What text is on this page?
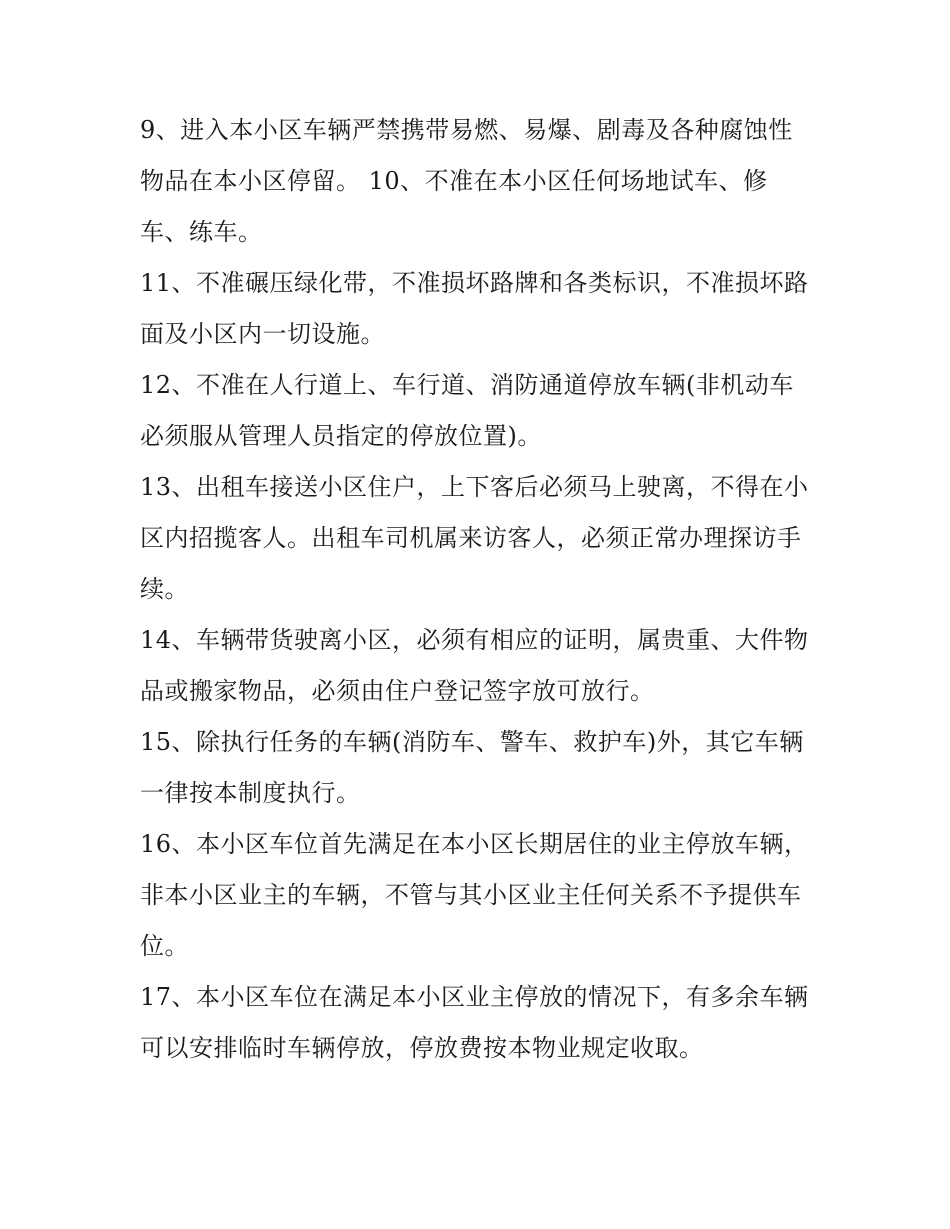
9、进入本小区车辆严禁携带易燃、易爆、剧毒及各种腐蚀性
物品在本小区停留。 10、不准在本小区任何场地试车、修
车、练车。
11、不准碾压绿化带，不准损坏路牌和各类标识，不准损坏路
面及小区内一切设施。
12、不准在人行道上、车行道、消防通道停放车辆(非机动车
必须服从管理人员指定的停放位置)。
13、出租车接送小区住户，上下客后必须马上驶离，不得在小
区内招揽客人。出租车司机属来访客人，必须正常办理探访手
续。
14、车辆带货驶离小区，必须有相应的证明，属贵重、大件物
品或搬家物品，必须由住户登记签字放可放行。
15、除执行任务的车辆(消防车、警车、救护车)外，其它车辆
一律按本制度执行。
16、本小区车位首先满足在本小区长期居住的业主停放车辆，
非本小区业主的车辆，不管与其小区业主任何关系不予提供车
位。
17、本小区车位在满足本小区业主停放的情况下，有多余车辆
可以安排临时车辆停放，停放费按本物业规定收取。
